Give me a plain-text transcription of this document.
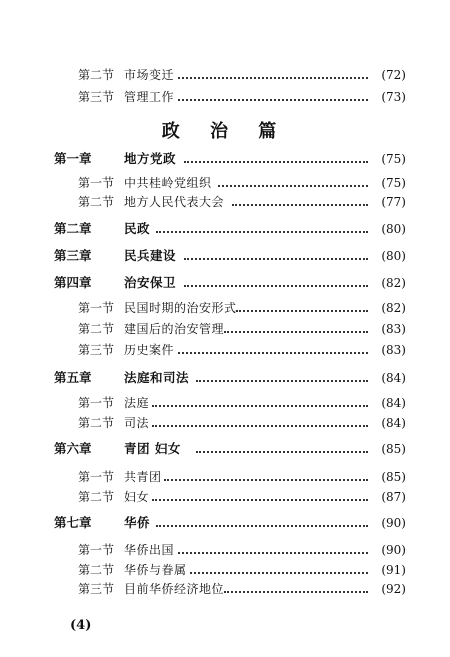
第二节 市场变迁	(72)
第三节 管理工作	(73)
政 治 篇
第一章	地方党政	(75)
第一节 中共桂岭党组织	(75)
第二节 地方人民代表大会	(77)
第二章	民政	(80)
第三章	民兵建设	(80)
第四章	治安保卫	(82)
第一节 民国时期的治安形式	(82)
第二节 建国后的治安管理	(83)
第三节 历史案件	(83)
第五章	法庭和司法	(84)
第一节 法庭	(84)
第二节 司法	(84)
第六章	青团 妇女	(85)
第一节 共青团	(85)
第二节 妇女	(87)
第七章	华侨	(90)
第一节 华侨出国	(90)
第二节 华侨与眷属	(91)
第三节 目前华侨经济地位	(92)
(4)
